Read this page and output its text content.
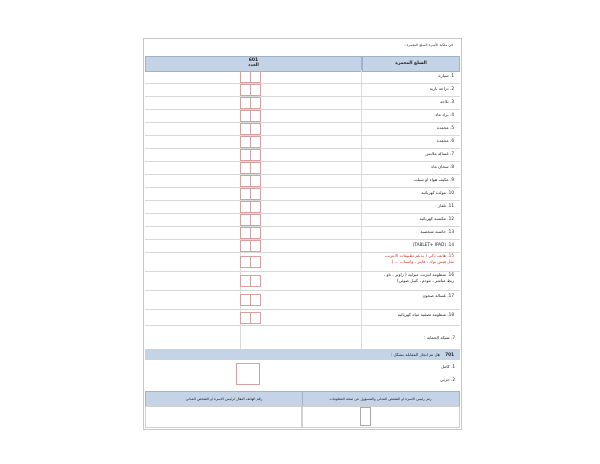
في ملكية الأسرة السلع المعمرة :
السلع المعمرة
601
العدد
1. سيارة
2. دراجة نارية
3. ثلاجة
4. براد ماء
5. مجمدة
6. مجمدة
7. غسالة ملابس
8. سخان ماء
9. مكيف هواء او سبلت
10. مولدة كهربائية
11. تلفاز
12. مكنسة كهربائية
13. حاسبة شخصية
14. (TABLET+ IPAD)
15. هاتف ذكي ( يدعم تطبيقات الانترنت مثل فيس بوك ، فايبر ، واتساب ....)
16. منظومة انترنت منزلية ( راوتر ، ناو ، ربط مباشر ، مودم ، كيبل ضوئي)
17. غسالة صحون
18. منظومة تصفية مياه كهربائية
7. شبكة الحماية :
701    هل تم انجاز المقابلة بشكل :
1. كامل
2. جزئي
رمز رئيس الاسرة او الشخص المدلي والمسؤول عن صحة المعلومات
رقم الهاتف النقال لرئيس الاسرة او الشخص المدلي
